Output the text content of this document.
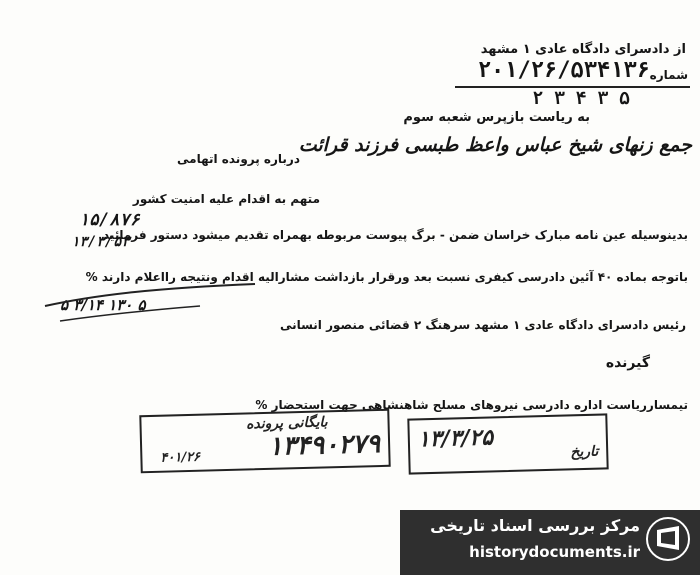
از دادسرای دادگاه عادی ۱ مشهد
شماره
۲۰۱/۲۶/۵۳۴۱۳۶
۵ ۳ ۴ ۳ ۲
به ریاست بازپرس شعبه سوم
درباره پرونده اتهامی
جمع زنهای شیخ عباس واعظ طبسی فرزند قرائت
متهم به اقدام علیه امنیت کشور
۱۵/۸۷۶
۱۳/۳/۵۳
بدینوسیله عین نامه مبارک خراسان ضمن - برگ پیوست مربوطه بهمراه تقدیم میشود دستور فرمائید
باتوجه بماده ۴۰ آئین دادرسی کیفری نسبت بعد ورقرار بازداشت مشارالیه اقدام ونتیجه رااعلام دارند %
۵ ۳/۱۴ ۱۳۰ ۵
رئیس دادسرای دادگاه عادی ۱ مشهد سرهنگ ۲ قضائی منصور انسانی
گیرنده
تیمسارریاست اداره دادرسی نیروهای مسلح شاهنشاهی جهت استحضار %
بایگانی پرونده
۱۳۴۹۰۲۷۹
۴۰۱/۲۶
۱۳/۳/۲۵	تاریخ
مرکز بررسی اسناد تاریخی
historydocuments.ir
